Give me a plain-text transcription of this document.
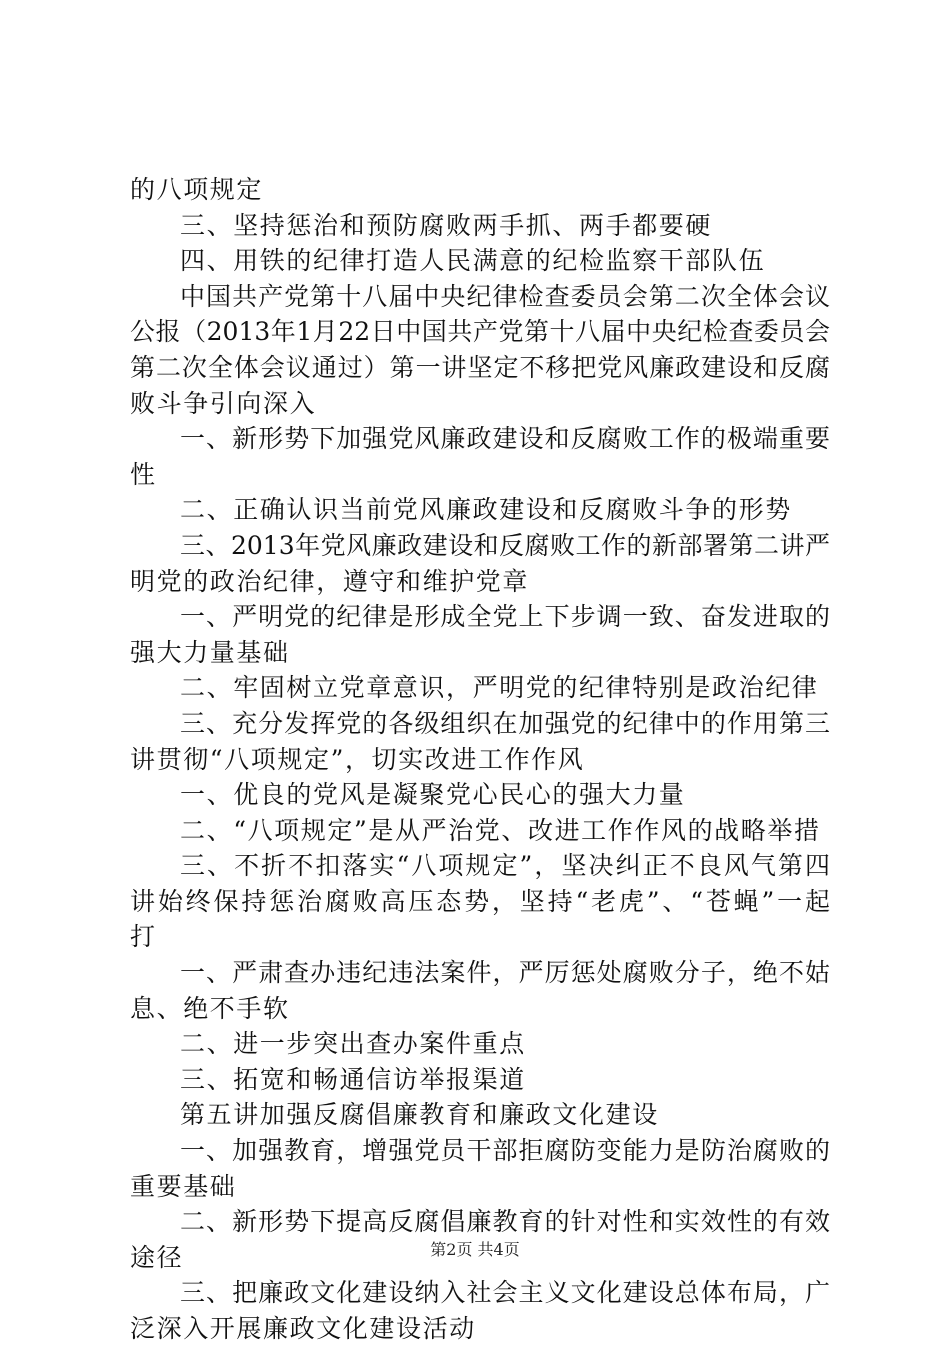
的八项规定
三、坚持惩治和预防腐败两手抓、两手都要硬
四、用铁的纪律打造人民满意的纪检监察干部队伍
中国共产党第十八届中央纪律检查委员会第二次全体会议
公报（2013年1月22日中国共产党第十八届中央纪检查委员会
第二次全体会议通过）第一讲坚定不移把党风廉政建设和反腐
败斗争引向深入
一、新形势下加强党风廉政建设和反腐败工作的极端重要
性
二、正确认识当前党风廉政建设和反腐败斗争的形势
三、2013年党风廉政建设和反腐败工作的新部署第二讲严
明党的政治纪律，遵守和维护党章
一、严明党的纪律是形成全党上下步调一致、奋发进取的
强大力量基础
二、牢固树立党章意识，严明党的纪律特别是政治纪律
三、充分发挥党的各级组织在加强党的纪律中的作用第三
讲贯彻“八项规定”，切实改进工作作风
一、优良的党风是凝聚党心民心的强大力量
二、“八项规定”是从严治党、改进工作作风的战略举措
三、不折不扣落实“八项规定”，坚决纠正不良风气第四
讲始终保持惩治腐败高压态势，坚持“老虎”、“苍蝇”一起
打
一、严肃查办违纪违法案件，严厉惩处腐败分子，绝不姑
息、绝不手软
二、进一步突出查办案件重点
三、拓宽和畅通信访举报渠道
第五讲加强反腐倡廉教育和廉政文化建设
一、加强教育，增强党员干部拒腐防变能力是防治腐败的
重要基础
二、新形势下提高反腐倡廉教育的针对性和实效性的有效
途径
三、把廉政文化建设纳入社会主义文化建设总体布局，广
泛深入开展廉政文化建设活动
第2页 共4页
